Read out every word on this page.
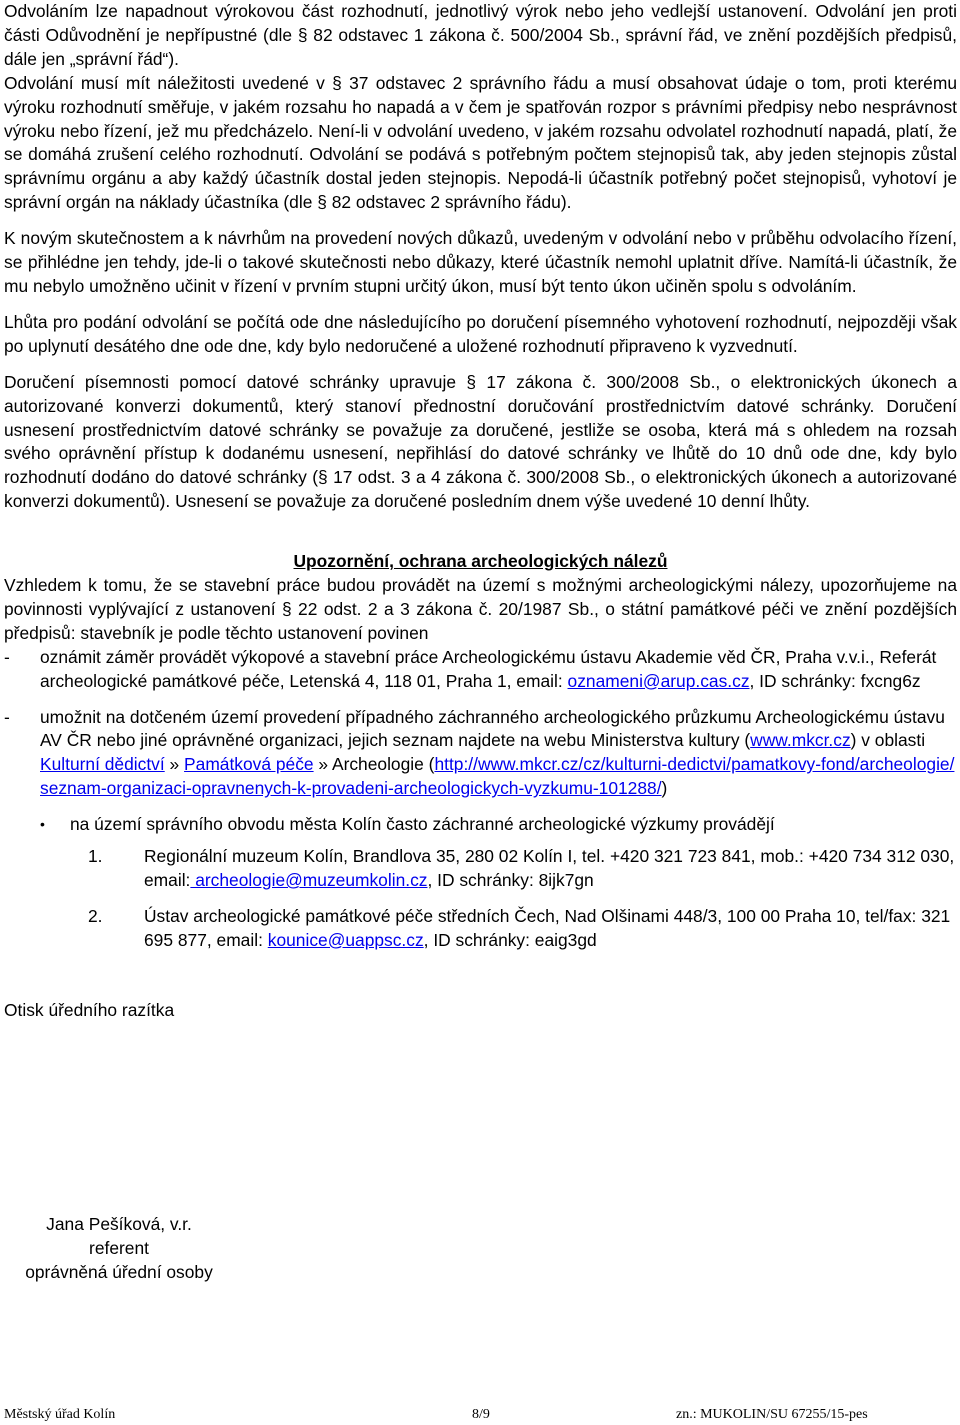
Odvoláním lze napadnout výrokovou část rozhodnutí, jednotlivý výrok nebo jeho vedlejší ustanovení. Odvolání jen proti části Odůvodnění je nepřípustné (dle § 82 odstavec 1 zákona č. 500/2004 Sb., správní řád, ve znění pozdějších předpisů, dále jen „správní řád“).

Odvolání musí mít náležitosti uvedené v § 37 odstavec 2 správního řádu a musí obsahovat údaje o tom, proti kterému výroku rozhodnutí směřuje, v jakém rozsahu ho napadá a v čem je spatřován rozpor s právními předpisy nebo nesprávnost výroku nebo řízení, jež mu předcházelo. Není-li v odvolání uvedeno, v jakém rozsahu odvolatel rozhodnutí napadá, platí, že se domáhá zrušení celého rozhodnutí. Odvolání se podává s potřebným počtem stejnopisů tak, aby jeden stejnopis zůstal správnímu orgánu a aby každý účastník dostal jeden stejnopis. Nepodá-li účastník potřebný počet stejnopisů, vyhotoví je správní orgán na náklady účastníka (dle § 82 odstavec 2 správního řádu).

K novým skutečnostem a k návrhům na provedení nových důkazů, uvedeným v odvolání nebo v průběhu odvolacího řízení, se přihlédne jen tehdy, jde-li o takové skutečnosti nebo důkazy, které účastník nemohl uplatnit dříve. Namítá-li účastník, že mu nebylo umožněno učinit v řízení v prvním stupni určitý úkon, musí být tento úkon učiněn spolu s odvoláním.

Lhůta pro podání odvolání se počítá ode dne následujícího po doručení písemného vyhotovení rozhodnutí, nejpozději však po uplynutí desátého dne ode dne, kdy bylo nedoručené a uložené rozhodnutí připraveno k vyzvednutí.

Doručení písemnosti pomocí datové schránky upravuje § 17 zákona č. 300/2008 Sb., o elektronických úkonech a autorizované konverzi dokumentů, který stanoví přednostní doručování prostřednictvím datové schránky. Doručení usnesení prostřednictvím datové schránky se považuje za doručené, jestliže se osoba, která má s ohledem na rozsah svého oprávnění přístup k dodanému usnesení, nepřihlásí do datové schránky ve lhůtě do 10 dnů ode dne, kdy bylo rozhodnutí dodáno do datové schránky (§ 17 odst. 3 a 4 zákona č. 300/2008 Sb., o elektronických úkonech a autorizované konverzi dokumentů). Usnesení se považuje za doručené posledním dnem výše uvedené 10 denní lhůty.

Upozornění, ochrana archeologických nálezů

Vzhledem k tomu, že se stavební práce budou provádět na území s možnými archeologickými nálezy, upozorňujeme na povinnosti vyplývající z ustanovení § 22 odst. 2 a 3 zákona č. 20/1987 Sb., o státní památkové péči ve znění pozdějších předpisů: stavebník je podle těchto ustanovení povinen

-	oznámit záměr provádět výkopové a stavební práce Archeologickému ústavu Akademie věd ČR, Praha v.v.i., Referát archeologické památkové péče, Letenská 4, 118 01, Praha 1, email: oznameni@arup.cas.cz, ID schránky: fxcng6z
-	umožnit na dotčeném území provedení případného záchranného archeologického průzkumu Archeologickému ústavu AV ČR nebo jiné oprávněné organizaci, jejich seznam najdete na webu Ministerstva kultury (www.mkcr.cz) v oblasti Kulturní dědictví » Památková péče » Archeologie (http://www.mkcr.cz/cz/kulturni-dedictvi/pamatkovy-fond/archeologie/seznam-organizaci-opravnenych-k-provadeni-archeologickych-vyzkumu-101288/)
•	na území správního obvodu města Kolín často záchranné archeologické výzkumy provádějí
1.	Regionální muzeum Kolín, Brandlova 35, 280 02 Kolín I, tel. +420 321 723 841, mob.: +420 734 312 030, email: archeologie@muzeumkolin.cz, ID schránky: 8ijk7gn
2.	Ústav archeologické památkové péče středních Čech, Nad Olšinami 448/3, 100 00 Praha 10, tel/fax: 321 695 877, email: kounice@uappsc.cz, ID schránky: eaig3gd

Otisk úředního razítka

Jana Pešíková, v.r.
referent
oprávněná úřední osoby
Městský úřad Kolín	8/9	zn.: MUKOLIN/SU 67255/15-pes
